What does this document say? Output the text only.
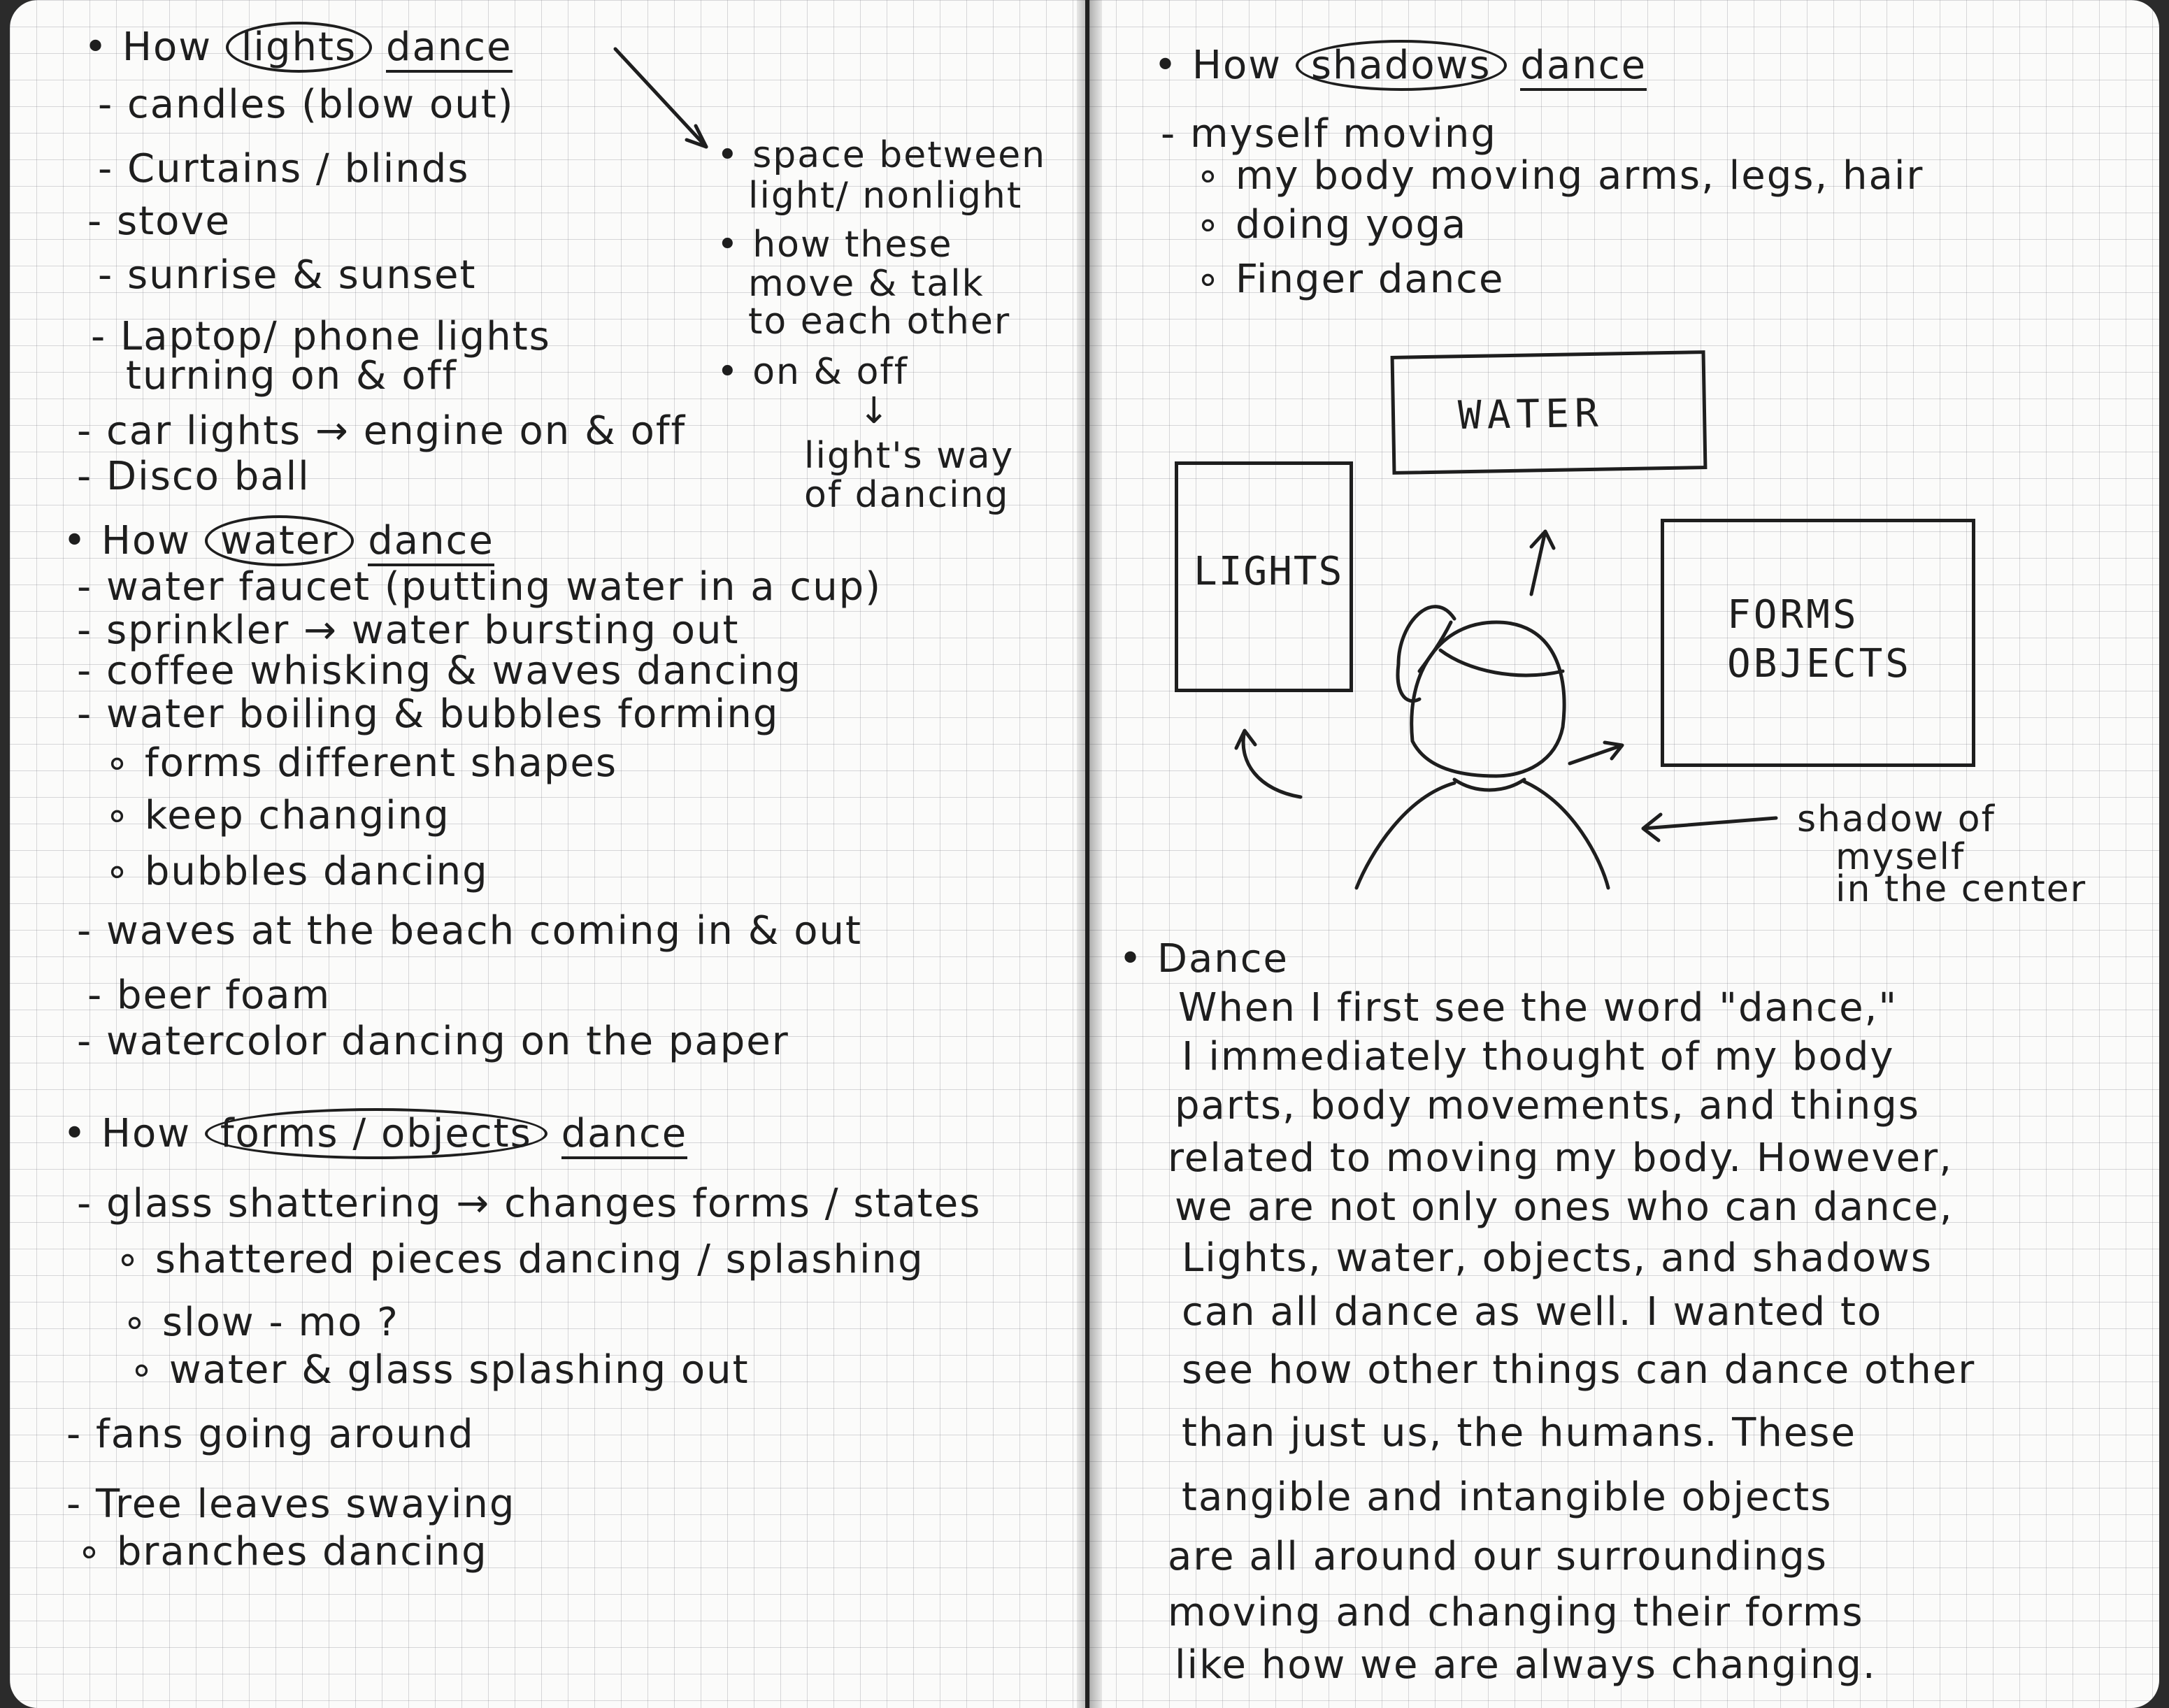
• How lights dance
- candles (blow out)
- Curtains / blinds
- stove
- sunrise & sunset
- Laptop/ phone lights
turning on & off
- car lights → engine on & off
- Disco ball
• space between
light/ nonlight
• how these
move & talk
to each other
• on & off
↓
light's way
of dancing
• How water dance
- water faucet (putting water in a cup)
- sprinkler → water bursting out
- coffee whisking & waves dancing
- water boiling & bubbles forming
∘ forms different shapes
∘ keep changing
∘ bubbles dancing
- waves at the beach coming in & out
- beer foam
- watercolor dancing on the paper
• How forms / objects dance
- glass shattering → changes forms / states
∘ shattered pieces dancing / splashing
∘ slow - mo ?
∘ water & glass splashing out
- fans going around
- Tree leaves swaying
∘ branches dancing
• How shadows dance
- myself moving
∘ my body moving arms, legs, hair
∘ doing yoga
∘ Finger dance
WATER
LIGHTS
FORMS
OBJECTS
shadow of
myself
in the center
• Dance
When I first see the word "dance,"
I immediately thought of my body
parts, body movements, and things
related to moving my body. However,
we are not only ones who can dance,
Lights, water, objects, and shadows
can all dance as well. I wanted to
see how other things can dance other
than just us, the humans. These
tangible and intangible objects
are all around our surroundings
moving and changing their forms
like how we are always changing.
